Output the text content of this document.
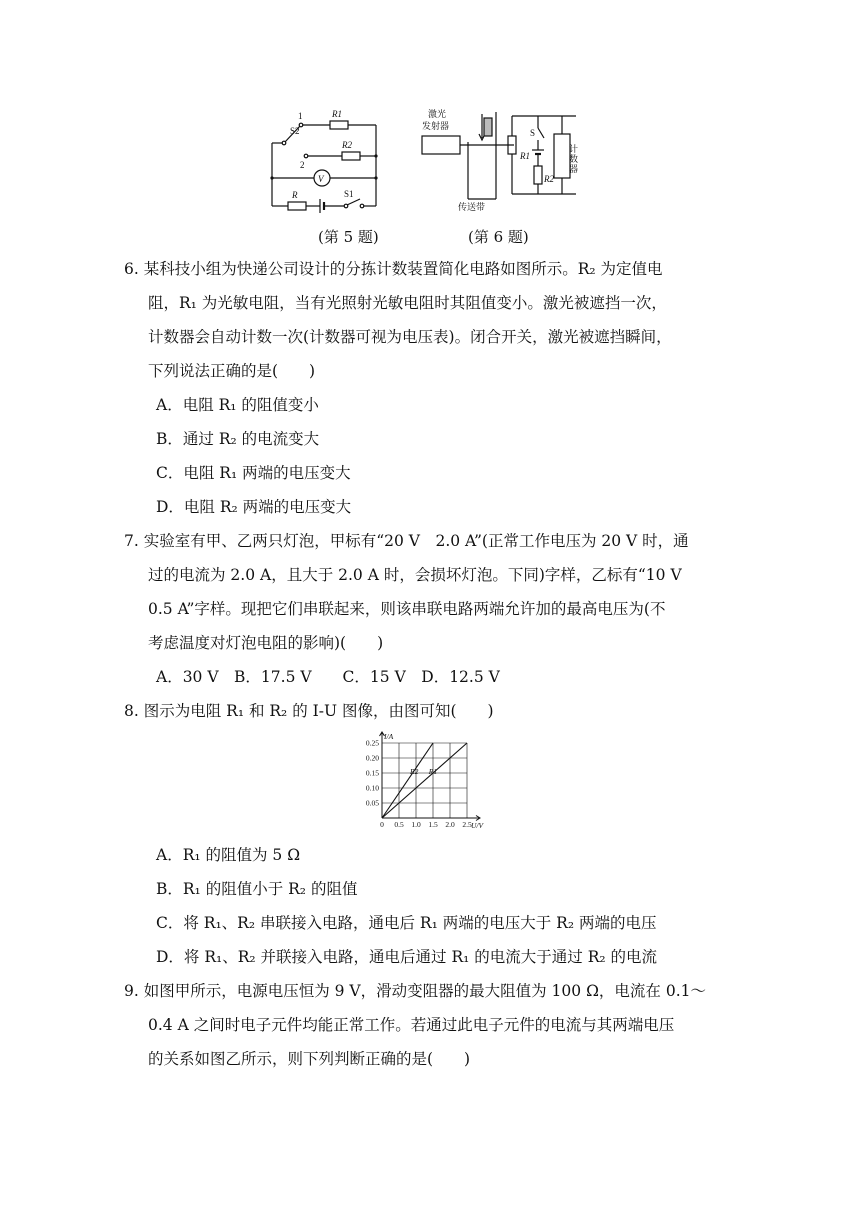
1	R1
S2
2
R2
V
R	S1
激光
发射器
传送带
S
R1
R2
计数器
(第 5 题)	(第 6 题)
6. 某科技小组为快递公司设计的分拣计数装置简化电路如图所示。R₂ 为定值电
阻，R₁ 为光敏电阻，当有光照射光敏电阻时其阻值变小。激光被遮挡一次，
计数器会自动计数一次(计数器可视为电压表)。闭合开关，激光被遮挡瞬间，
下列说法正确的是(　　)
A．电阻 R₁ 的阻值变小
B．通过 R₂ 的电流变大
C．电阻 R₁ 两端的电压变大
D．电阻 R₂ 两端的电压变大
7. 实验室有甲、乙两只灯泡，甲标有“20 V　2.0 A”(正常工作电压为 20 V 时，通
过的电流为 2.0 A，且大于 2.0 A 时，会损坏灯泡。下同)字样，乙标有“10 V
0.5 A”字样。现把它们串联起来，则该串联电路两端允许加的最高电压为(不
考虑温度对灯泡电阻的影响)(　　)
A．30 V　B．17.5 V　　C．15 V　D．12.5 V
8. 图示为电阻 R₁ 和 R₂ 的 I-U 图像，由图可知(　　)
0 0.5 1.0 1.5 2.0 2.5
0.05
0.10
0.15
0.20
0.25
I/A
U/V
R2 R1
A．R₁ 的阻值为 5 Ω
B．R₁ 的阻值小于 R₂ 的阻值
C．将 R₁、R₂ 串联接入电路，通电后 R₁ 两端的电压大于 R₂ 两端的电压
D．将 R₁、R₂ 并联接入电路，通电后通过 R₁ 的电流大于通过 R₂ 的电流
9. 如图甲所示，电源电压恒为 9 V，滑动变阻器的最大阻值为 100 Ω，电流在 0.1～
0.4 A 之间时电子元件均能正常工作。若通过此电子元件的电流与其两端电压
的关系如图乙所示，则下列判断正确的是(　　)
